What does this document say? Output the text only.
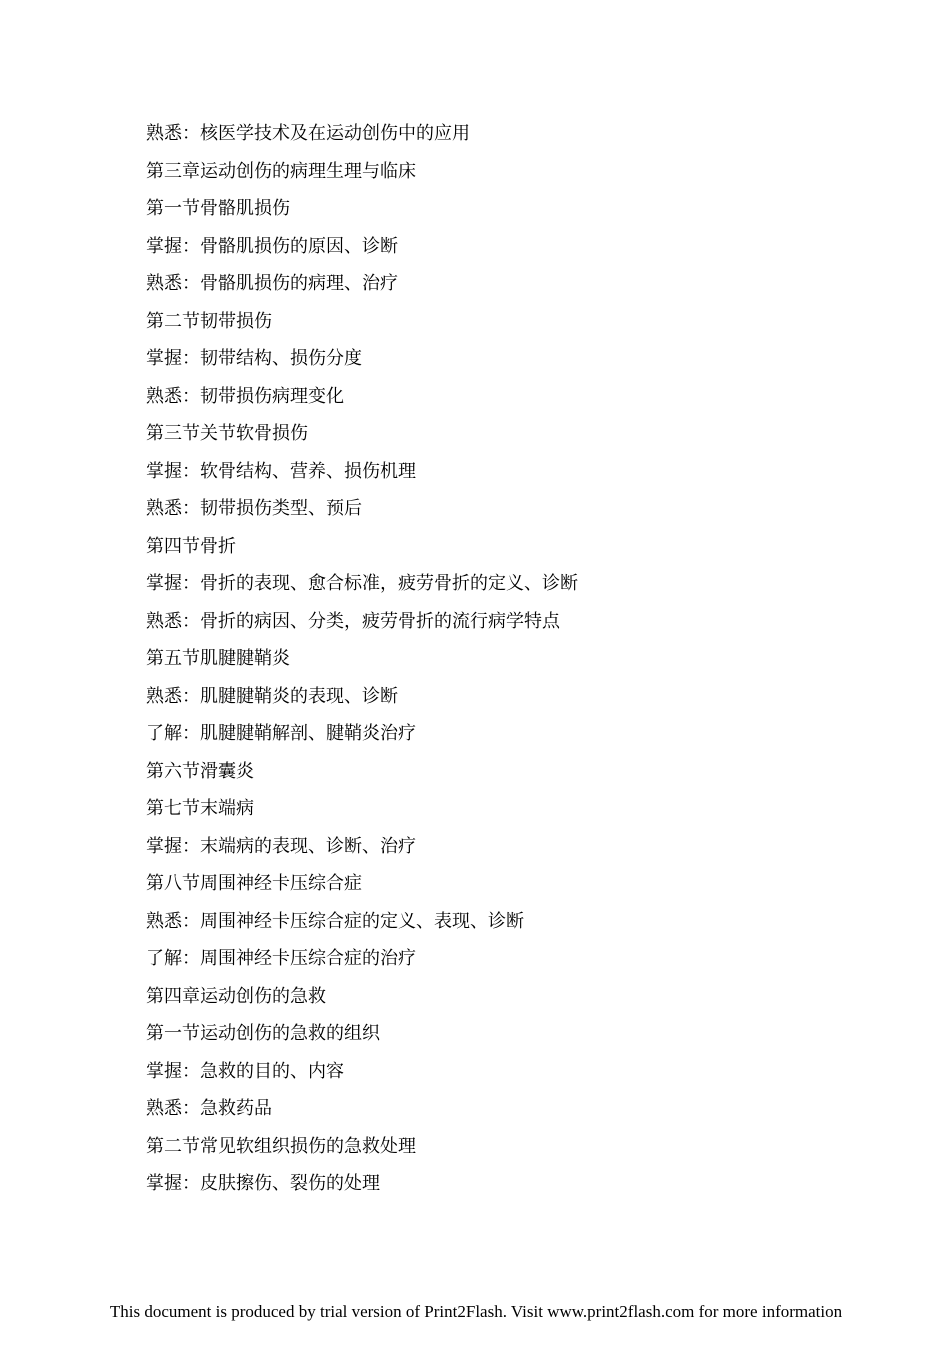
熟悉：核医学技术及在运动创伤中的应用
第三章运动创伤的病理生理与临床
第一节骨骼肌损伤
掌握：骨骼肌损伤的原因、诊断
熟悉：骨骼肌损伤的病理、治疗
第二节韧带损伤
掌握：韧带结构、损伤分度
熟悉：韧带损伤病理变化
第三节关节软骨损伤
掌握：软骨结构、营养、损伤机理
熟悉：韧带损伤类型、预后
第四节骨折
掌握：骨折的表现、愈合标准，疲劳骨折的定义、诊断
熟悉：骨折的病因、分类，疲劳骨折的流行病学特点
第五节肌腱腱鞘炎
熟悉：肌腱腱鞘炎的表现、诊断
了解：肌腱腱鞘解剖、腱鞘炎治疗
第六节滑囊炎
第七节末端病
掌握：末端病的表现、诊断、治疗
第八节周围神经卡压综合症
熟悉：周围神经卡压综合症的定义、表现、诊断
了解：周围神经卡压综合症的治疗
第四章运动创伤的急救
第一节运动创伤的急救的组织
掌握：急救的目的、内容
熟悉：急救药品
第二节常见软组织损伤的急救处理
掌握：皮肤擦伤、裂伤的处理
This document is produced by trial version of Print2Flash. Visit www.print2flash.com for more information
